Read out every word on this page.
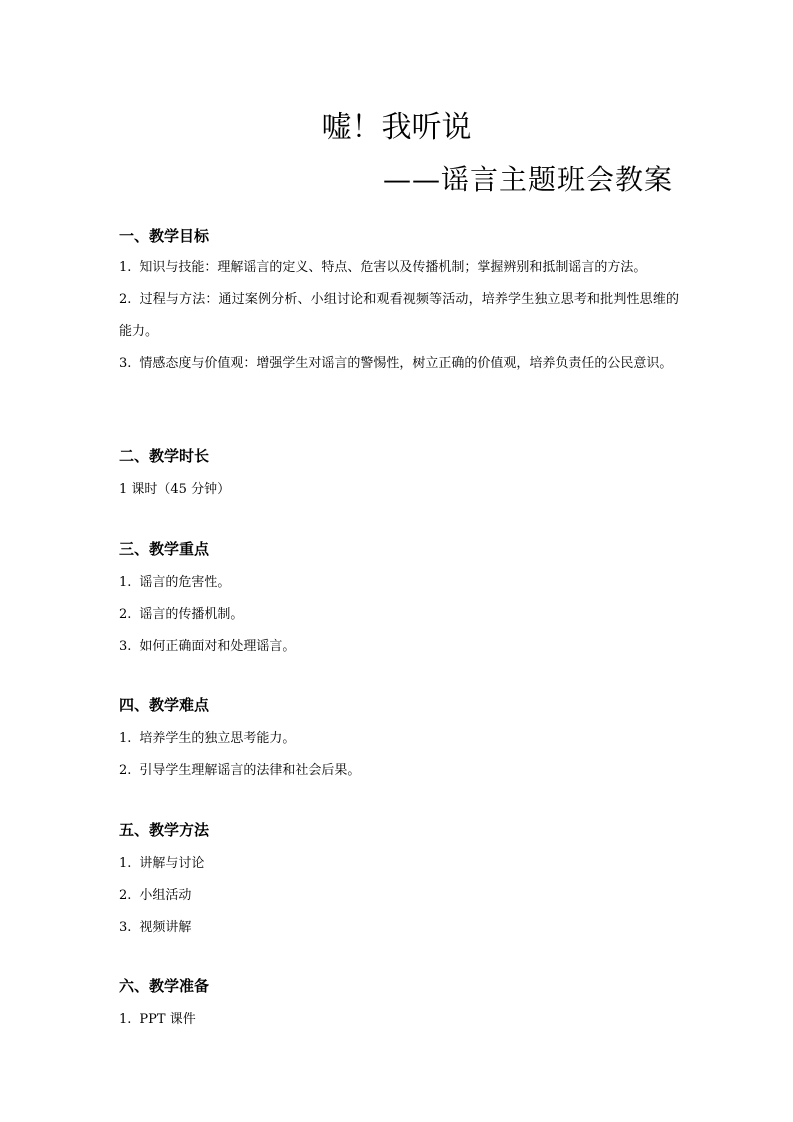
嘘！我听说
——谣言主题班会教案
一、教学目标

1. 知识与技能：理解谣言的定义、特点、危害以及传播机制；掌握辨别和抵制谣言的方法。

2. 过程与方法：通过案例分析、小组讨论和观看视频等活动，培养学生独立思考和批判性思维的能力。

3. 情感态度与价值观：增强学生对谣言的警惕性，树立正确的价值观，培养负责任的公民意识。

二、教学时长

1 课时（45 分钟）

三、教学重点

1. 谣言的危害性。

2. 谣言的传播机制。

3. 如何正确面对和处理谣言。

四、教学难点

1. 培养学生的独立思考能力。

2. 引导学生理解谣言的法律和社会后果。

五、教学方法

1. 讲解与讨论

2. 小组活动

3. 视频讲解

六、教学准备

1. PPT 课件
